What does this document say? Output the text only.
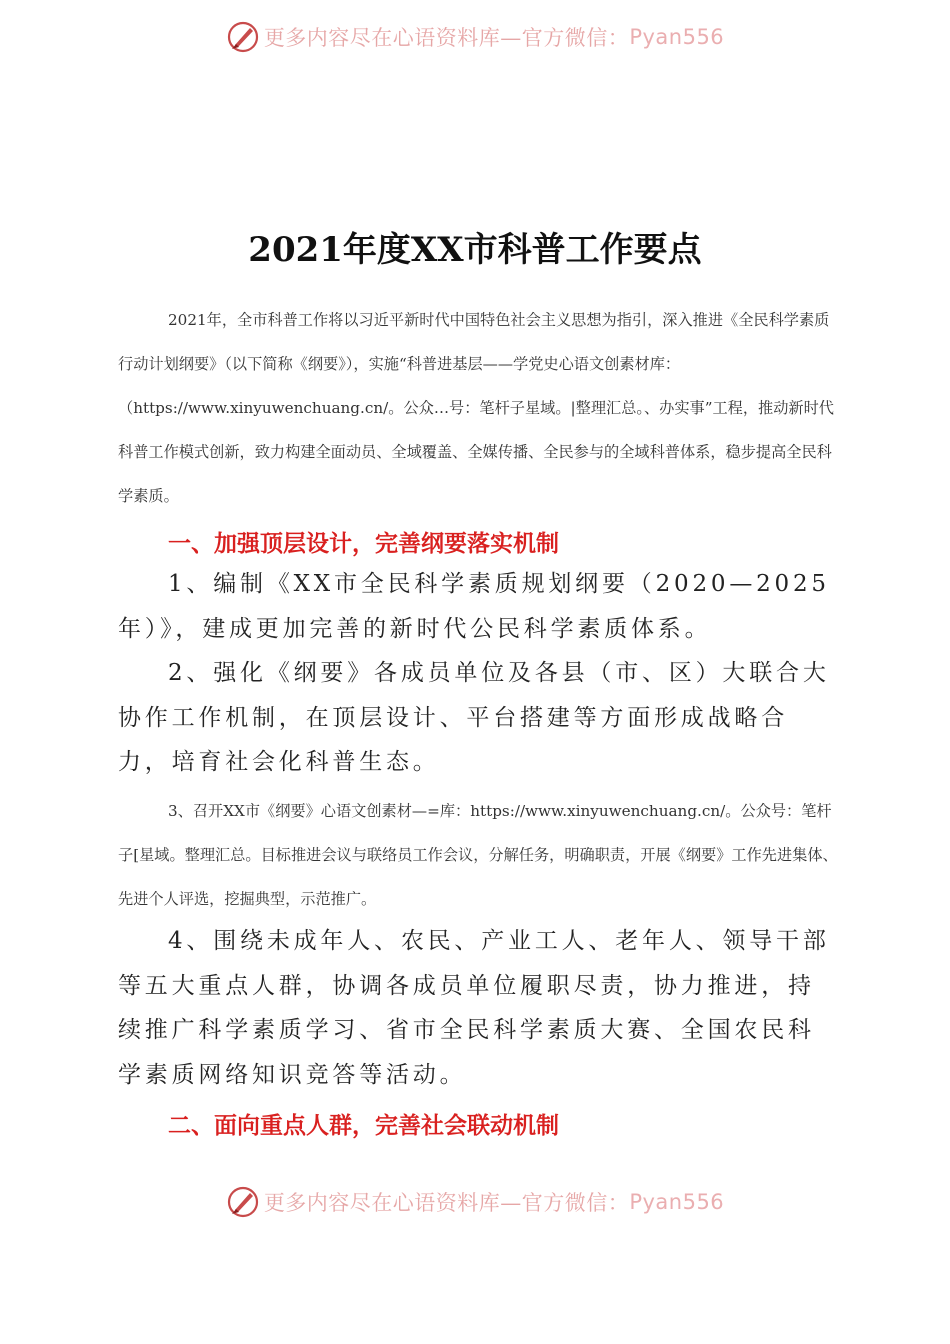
更多内容尽在心语资料库—官方微信： Pyan556
2021年度XX市科普工作要点

2021年，全市科普工作将以习近平新时代中国特色社会主义思想为指引，深入推进《全民科学素质行动计划纲要》（以下简称《纲要》），实施“科普进基层——学党史心语文创素材库：（https://www.xinyuwenchuang.cn/。公众…号：笔杆子星域。|整理汇总。、办实事”工程，推动新时代科普工作模式创新，致力构建全面动员、全域覆盖、全媒传播、全民参与的全域科普体系，稳步提高全民科学素质。

一、加强顶层设计，完善纲要落实机制

1、编制《XX市全民科学素质规划纲要（2020—2025年）》，建成更加完善的新时代公民科学素质体系。

2、强化《纲要》各成员单位及各县（市、区）大联合大协作工作机制，在顶层设计、平台搭建等方面形成战略合力，培育社会化科普生态。

3、召开XX市《纲要》心语文创素材—=库：https://www.xinyuwenchuang.cn/。公众号：笔杆子[星域。整理汇总。目标推进会议与联络员工作会议，分解任务，明确职责，开展《纲要》工作先进集体、先进个人评选，挖掘典型，示范推广。

4、围绕未成年人、农民、产业工人、老年人、领导干部等五大重点人群，协调各成员单位履职尽责，协力推进，持续推广科学素质学习、省市全民科学素质大赛、全国农民科学素质网络知识竞答等活动。

二、面向重点人群，完善社会联动机制
更多内容尽在心语资料库—官方微信： Pyan556
